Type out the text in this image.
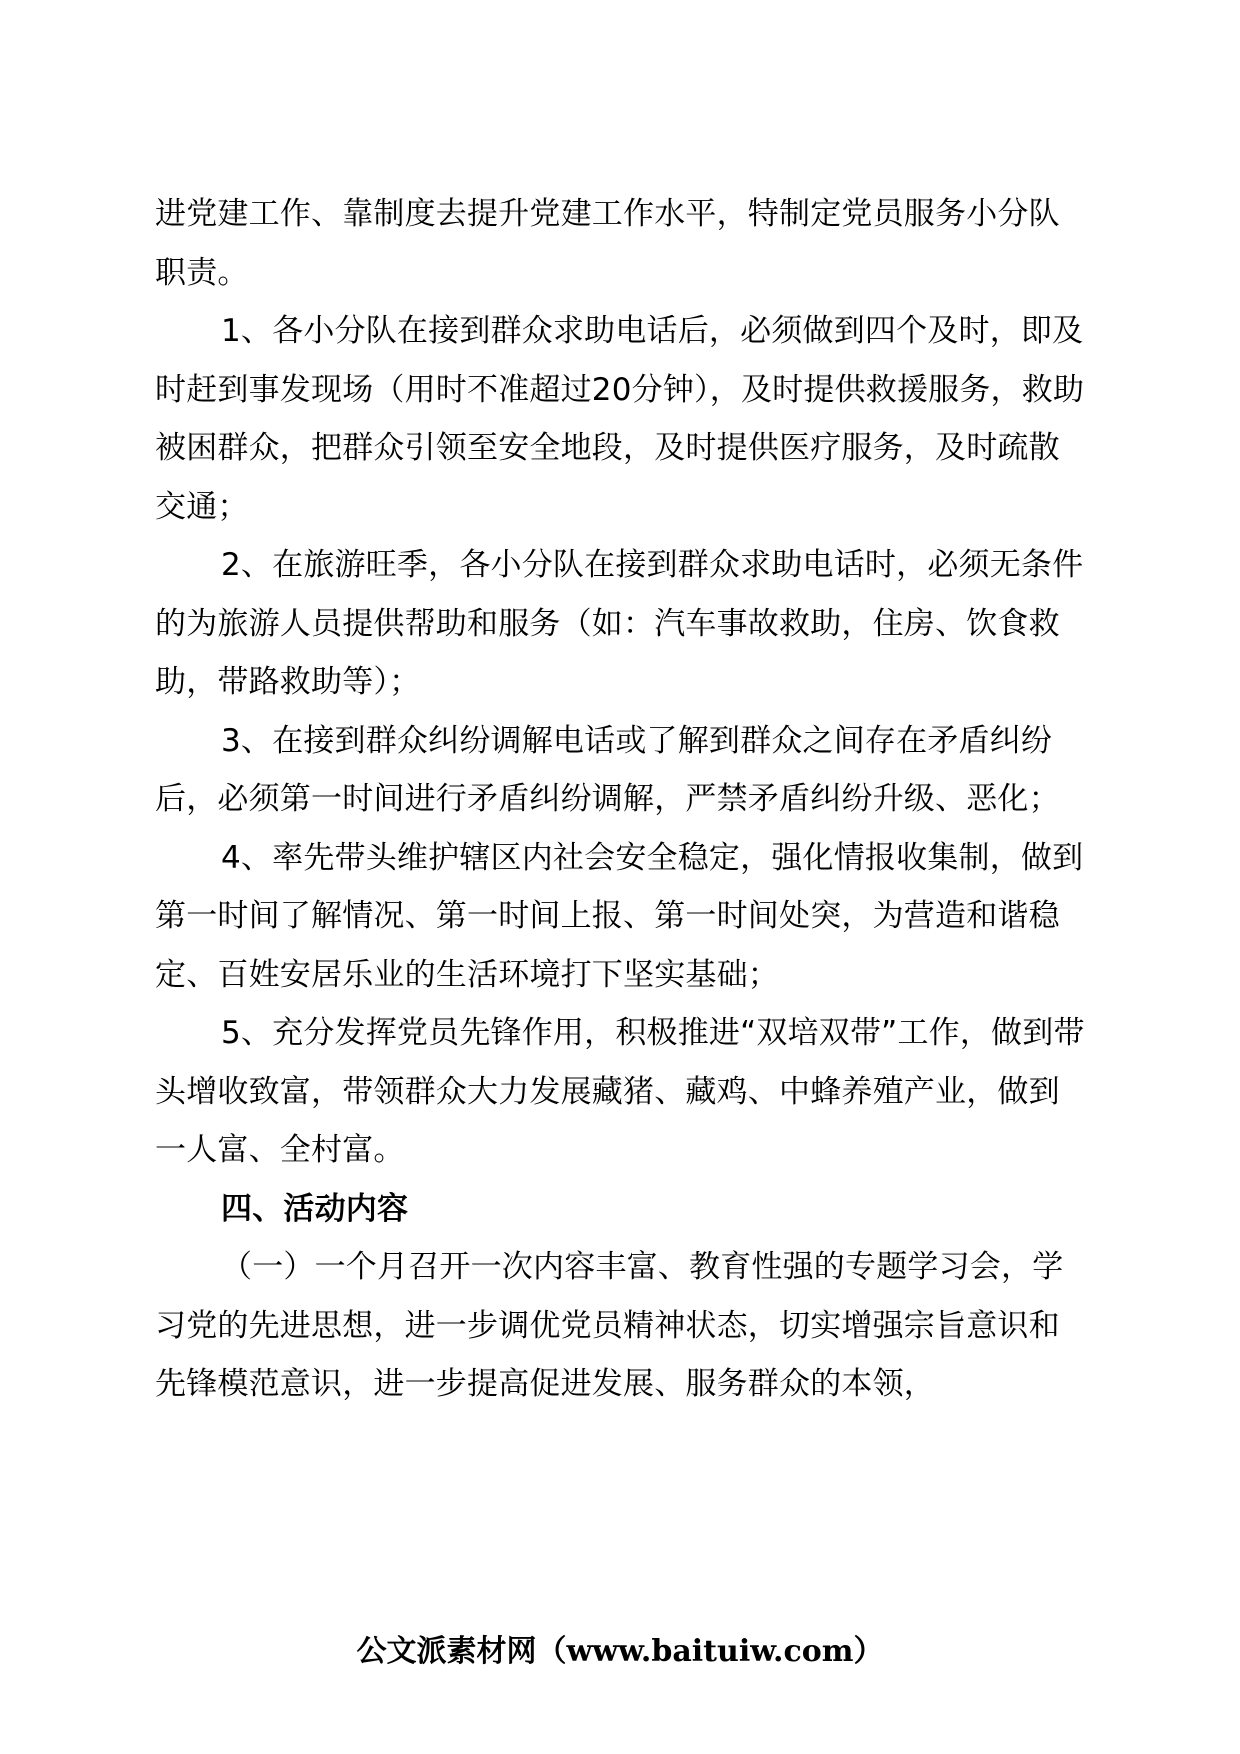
进党建工作、靠制度去提升党建工作水平，特制定党员服务小分队职责。

1、各小分队在接到群众求助电话后，必须做到四个及时，即及时赶到事发现场（用时不准超过20分钟），及时提供救援服务，救助被困群众，把群众引领至安全地段，及时提供医疗服务，及时疏散交通；

2、在旅游旺季，各小分队在接到群众求助电话时，必须无条件的为旅游人员提供帮助和服务（如：汽车事故救助，住房、饮食救助，带路救助等）；

3、在接到群众纠纷调解电话或了解到群众之间存在矛盾纠纷后，必须第一时间进行矛盾纠纷调解，严禁矛盾纠纷升级、恶化；

4、率先带头维护辖区内社会安全稳定，强化情报收集制，做到第一时间了解情况、第一时间上报、第一时间处突，为营造和谐稳定、百姓安居乐业的生活环境打下坚实基础；

5、充分发挥党员先锋作用，积极推进“双培双带”工作，做到带头增收致富，带领群众大力发展藏猪、藏鸡、中蜂养殖产业，做到一人富、全村富。

四、活动内容

（一）一个月召开一次内容丰富、教育性强的专题学习会，学习党的先进思想，进一步调优党员精神状态，切实增强宗旨意识和先锋模范意识，进一步提高促进发展、服务群众的本领，

公文派素材网（www.baituiw.com）
